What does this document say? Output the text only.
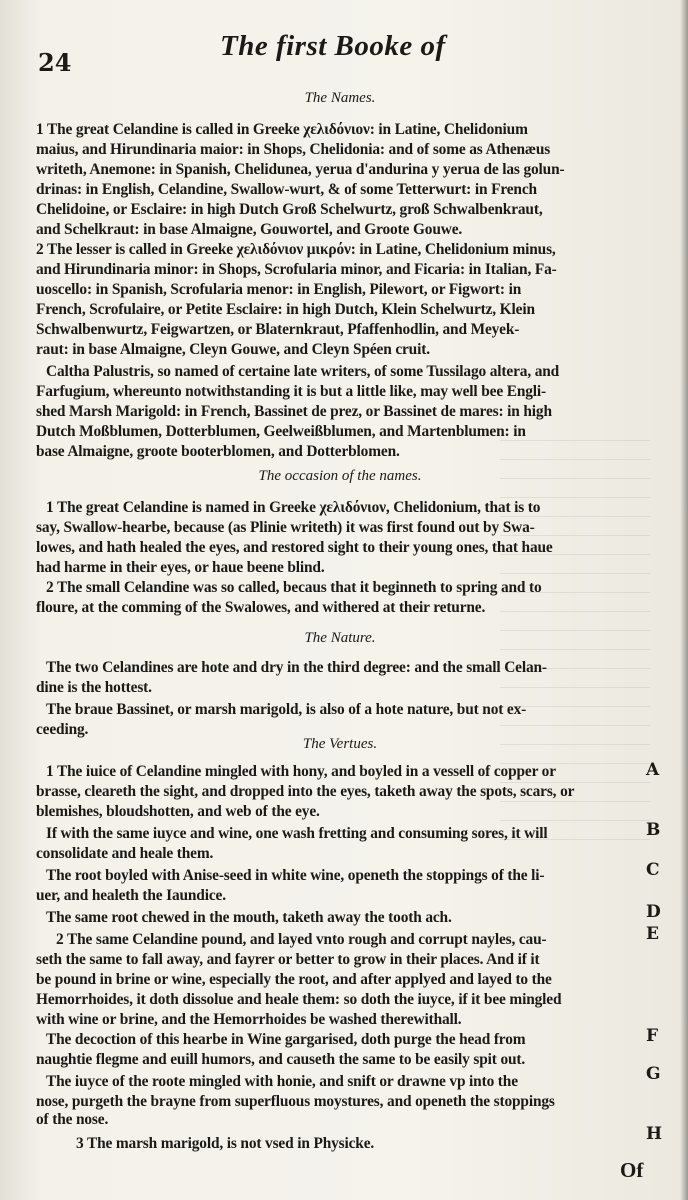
24
The first Booke of
The Names.
1 The great Celandine is called in Greeke χελιδόνιον: in Latine, Chelidonium
maius, and Hirundinaria maior: in Shops, Chelidonia: and of some as Athenæus
writeth, Anemone: in Spanish, Chelidunea, yerua d'andurina y yerua de las golun-
drinas: in English, Celandine, Swallow-wurt, & of some Tetterwurt: in French
Chelidoine, or Esclaire: in high Dutch Groß Schelwurtz, groß Schwalbenkraut,
and Schelkraut: in base Almaigne, Gouwortel, and Groote Gouwe.
2 The lesser is called in Greeke χελιδόνιον μικρόν: in Latine, Chelidonium minus,
and Hirundinaria minor: in Shops, Scrofularia minor, and Ficaria: in Italian, Fa-
uoscello: in Spanish, Scrofularia menor: in English, Pilewort, or Figwort: in
French, Scrofulaire, or Petite Esclaire: in high Dutch, Klein Schelwurtz, Klein
Schwalbenwurtz, Feigwartzen, or Blaternkraut, Pfaffenhodlin, and Meyek-
raut: in base Almaigne, Cleyn Gouwe, and Cleyn Spéen cruit.
Caltha Palustris, so named of certaine late writers, of some Tussilago altera, and
Farfugium, whereunto notwithstanding it is but a little like, may well bee Engli-
shed Marsh Marigold: in French, Bassinet de prez, or Bassinet de mares: in high
Dutch Moßblumen, Dotterblumen, Geelweißblumen, and Martenblumen: in
base Almaigne, groote booterblomen, and Dotterblomen.
The occasion of the names.
1 The great Celandine is named in Greeke χελιδόνιον, Chelidonium, that is to
say, Swallow-hearbe, because (as Plinie writeth) it was first found out by Swa-
lowes, and hath healed the eyes, and restored sight to their young ones, that haue
had harme in their eyes, or haue beene blind.
2 The small Celandine was so called, becaus that it beginneth to spring and to
floure, at the comming of the Swalowes, and withered at their returne.
The Nature.
The two Celandines are hote and dry in the third degree: and the small Celan-
dine is the hottest.
The braue Bassinet, or marsh marigold, is also of a hote nature, but not ex-
ceeding.
The Vertues.
1 The iuice of Celandine mingled with hony, and boyled in a vessell of copper or
brasse, cleareth the sight, and dropped into the eyes, taketh away the spots, scars, or
blemishes, bloudshotten, and web of the eye.
If with the same iuyce and wine, one wash fretting and consuming sores, it will
consolidate and heale them.
The root boyled with Anise-seed in white wine, openeth the stoppings of the li-
uer, and healeth the Iaundice.
The same root chewed in the mouth, taketh away the tooth ach.
2 The same Celandine pound, and layed vnto rough and corrupt nayles, cau-
seth the same to fall away, and fayrer or better to grow in their places. And if it
be pound in brine or wine, especially the root, and after applyed and layed to the
Hemorrhoides, it doth dissolue and heale them: so doth the iuyce, if it bee mingled
with wine or brine, and the Hemorrhoides be washed therewithall.
The decoction of this hearbe in Wine gargarised, doth purge the head from
naughtie flegme and euill humors, and causeth the same to be easily spit out.
The iuyce of the roote mingled with honie, and snift or drawne vp into the
nose, purgeth the brayne from superfluous moystures, and openeth the stoppings
of the nose.
3 The marsh marigold, is not vsed in Physicke.
A
B
C
D
E
F
G
H
Of
